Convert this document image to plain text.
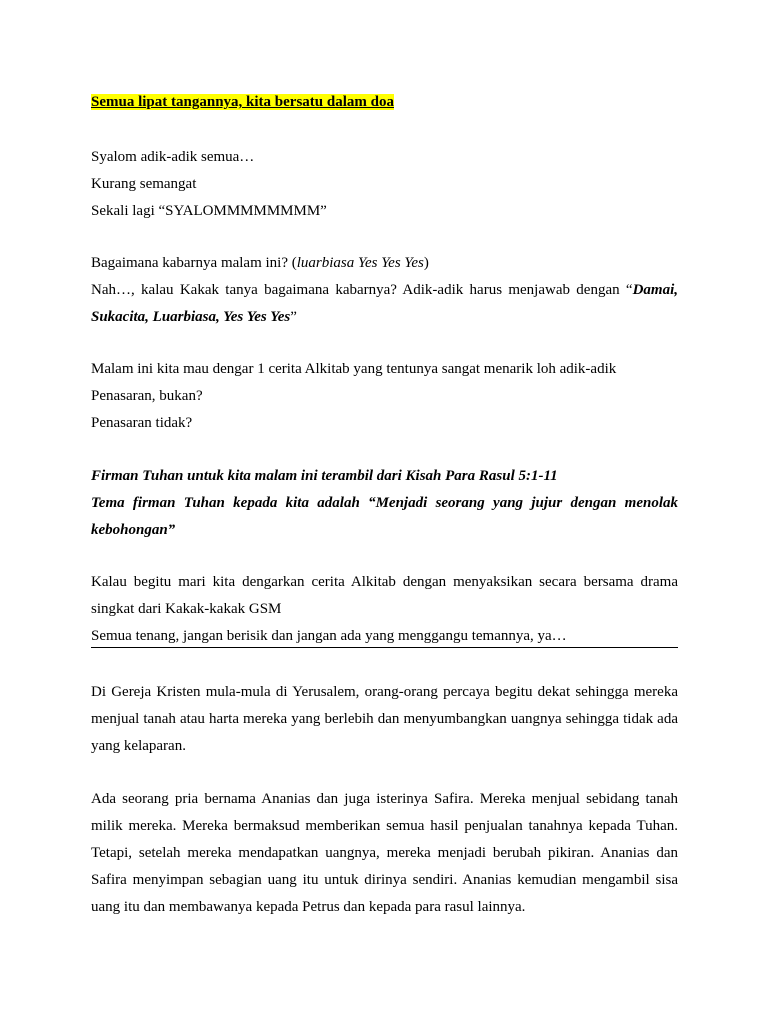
Semua lipat tangannya, kita bersatu dalam doa
Syalom adik-adik semua…
Kurang semangat
Sekali lagi “SYALOMMMMMMMM”
Bagaimana kabarnya malam ini? (luarbiasa Yes Yes Yes)
Nah…, kalau Kakak tanya bagaimana kabarnya? Adik-adik harus menjawab dengan “Damai, Sukacita, Luarbiasa, Yes Yes Yes”
Malam ini kita mau dengar 1 cerita Alkitab yang tentunya sangat menarik loh adik-adik
Penasaran, bukan?
Penasaran tidak?
Firman Tuhan untuk kita malam ini terambil dari Kisah Para Rasul 5:1-11
Tema firman Tuhan kepada kita adalah “Menjadi seorang yang jujur dengan menolak kebohongan”
Kalau begitu mari kita dengarkan cerita Alkitab dengan menyaksikan secara bersama drama singkat dari Kakak-kakak GSM
Semua tenang, jangan berisik dan jangan ada yang menggangu temannya, ya…
Di Gereja Kristen mula-mula di Yerusalem, orang-orang percaya begitu dekat sehingga mereka menjual tanah atau harta mereka yang berlebih dan menyumbangkan uangnya sehingga tidak ada yang kelaparan.
Ada seorang pria bernama Ananias dan juga isterinya Safira. Mereka menjual sebidang tanah milik mereka. Mereka bermaksud memberikan semua hasil penjualan tanahnya kepada Tuhan. Tetapi, setelah mereka mendapatkan uangnya, mereka menjadi berubah pikiran. Ananias dan Safira menyimpan sebagian uang itu untuk dirinya sendiri. Ananias kemudian mengambil sisa uang itu dan membawanya kepada Petrus dan kepada para rasul lainnya.
